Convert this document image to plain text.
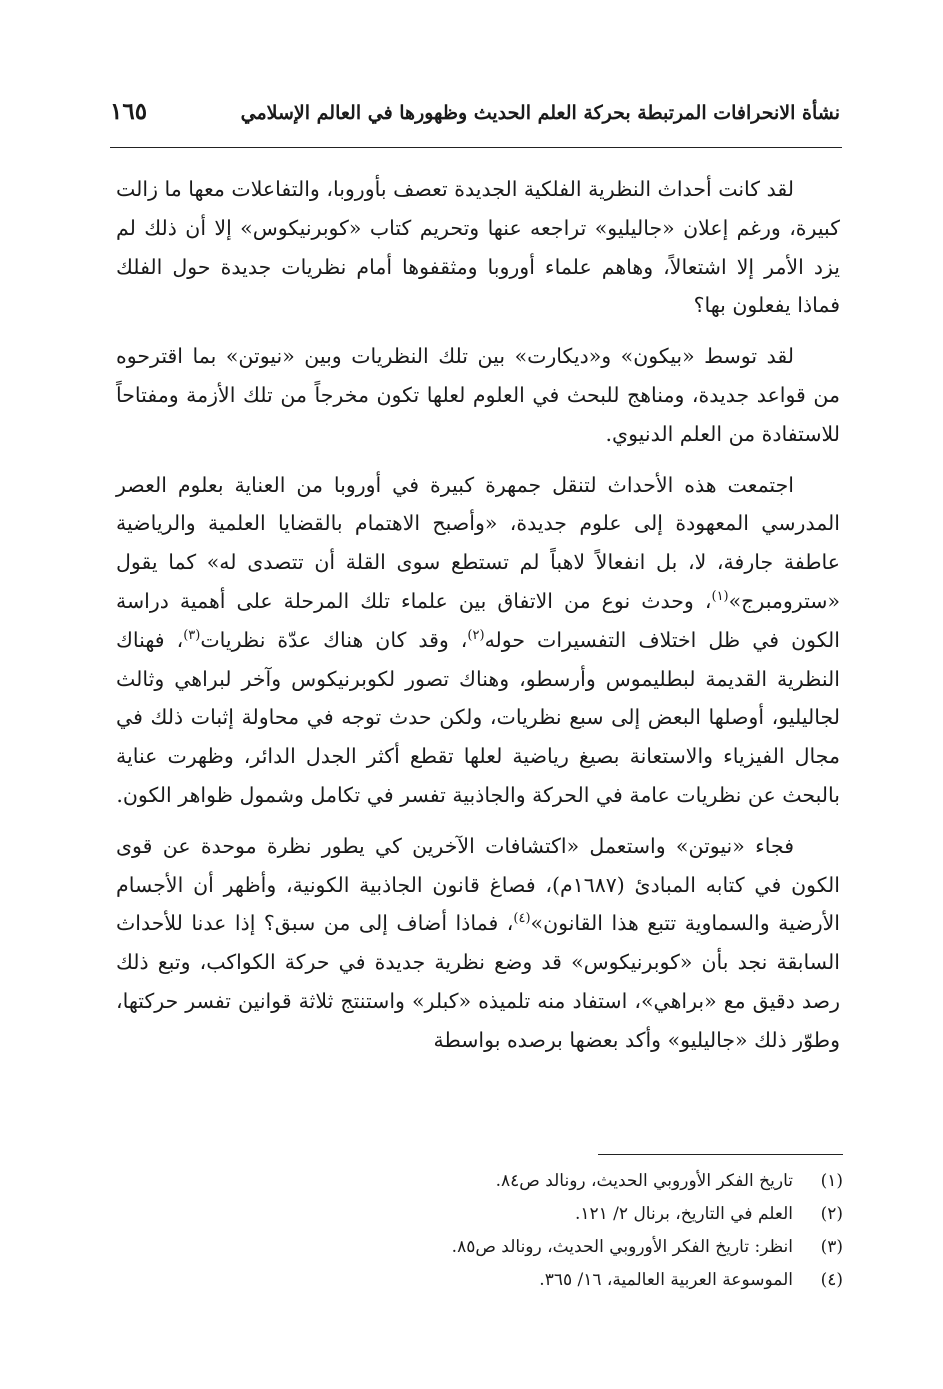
نشأة الانحرافات المرتبطة بحركة العلم الحديث وظهورها في العالم الإسلامي
١٦٥

لقد كانت أحداث النظرية الفلكية الجديدة تعصف بأوروبا، والتفاعلات معها ما زالت كبيرة، ورغم إعلان «جاليليو» تراجعه عنها وتحريم كتاب «كوبرنيكوس» إلا أن ذلك لم يزد الأمر إلا اشتعالاً، وهاهم علماء أوروبا ومثقفوها أمام نظريات جديدة حول الفلك فماذا يفعلون بها؟

لقد توسط «بيكون» و«ديكارت» بين تلك النظريات وبين «نيوتن» بما اقترحوه من قواعد جديدة، ومناهج للبحث في العلوم لعلها تكون مخرجاً من تلك الأزمة ومفتاحاً للاستفادة من العلم الدنيوي.

اجتمعت هذه الأحداث لتنقل جمهرة كبيرة في أوروبا من العناية بعلوم العصر المدرسي المعهودة إلى علوم جديدة، «وأصبح الاهتمام بالقضايا العلمية والرياضية عاطفة جارفة، لا، بل انفعالاً لاهباً لم تستطع سوى القلة أن تتصدى له» كما يقول «سترومبرج»$^{(١)}$، وحدث نوع من الاتفاق بين علماء تلك المرحلة على أهمية دراسة الكون في ظل اختلاف التفسيرات حوله$^{(٢)}$، وقد كان هناك عدّة نظريات$^{(٣)}$، فهناك النظرية القديمة لبطليموس وأرسطو، وهناك تصور لكوبرنيكوس وآخر لبراهي وثالث لجاليليو، أوصلها البعض إلى سبع نظريات، ولكن حدث توجه في محاولة إثبات ذلك في مجال الفيزياء والاستعانة بصيغ رياضية لعلها تقطع أكثر الجدل الدائر، وظهرت عناية بالبحث عن نظريات عامة في الحركة والجاذبية تفسر في تكامل وشمول ظواهر الكون.

فجاء «نيوتن» واستعمل «اكتشافات الآخرين كي يطور نظرة موحدة عن قوى الكون في كتابه المبادئ (١٦٨٧م)، فصاغ قانون الجاذبية الكونية، وأظهر أن الأجسام الأرضية والسماوية تتبع هذا القانون»$^{(٤)}$، فماذا أضاف إلى من سبق؟ إذا عدنا للأحداث السابقة نجد بأن «كوبرنيكوس» قد وضع نظرية جديدة في حركة الكواكب، وتبع ذلك رصد دقيق مع «براهي»، استفاد منه تلميذه «كبلر» واستنتج ثلاثة قوانين تفسر حركتها، وطوّر ذلك «جاليليو» وأكد بعضها برصده بواسطة

(١)
تاريخ الفكر الأوروبي الحديث، رونالد ص٨٤.
(٢)
العلم في التاريخ، برنال ٢/ ١٢١.
(٣)
انظر: تاريخ الفكر الأوروبي الحديث، رونالد ص٨٥.
(٤)
الموسوعة العربية العالمية، ١٦/ ٣٦٥.
